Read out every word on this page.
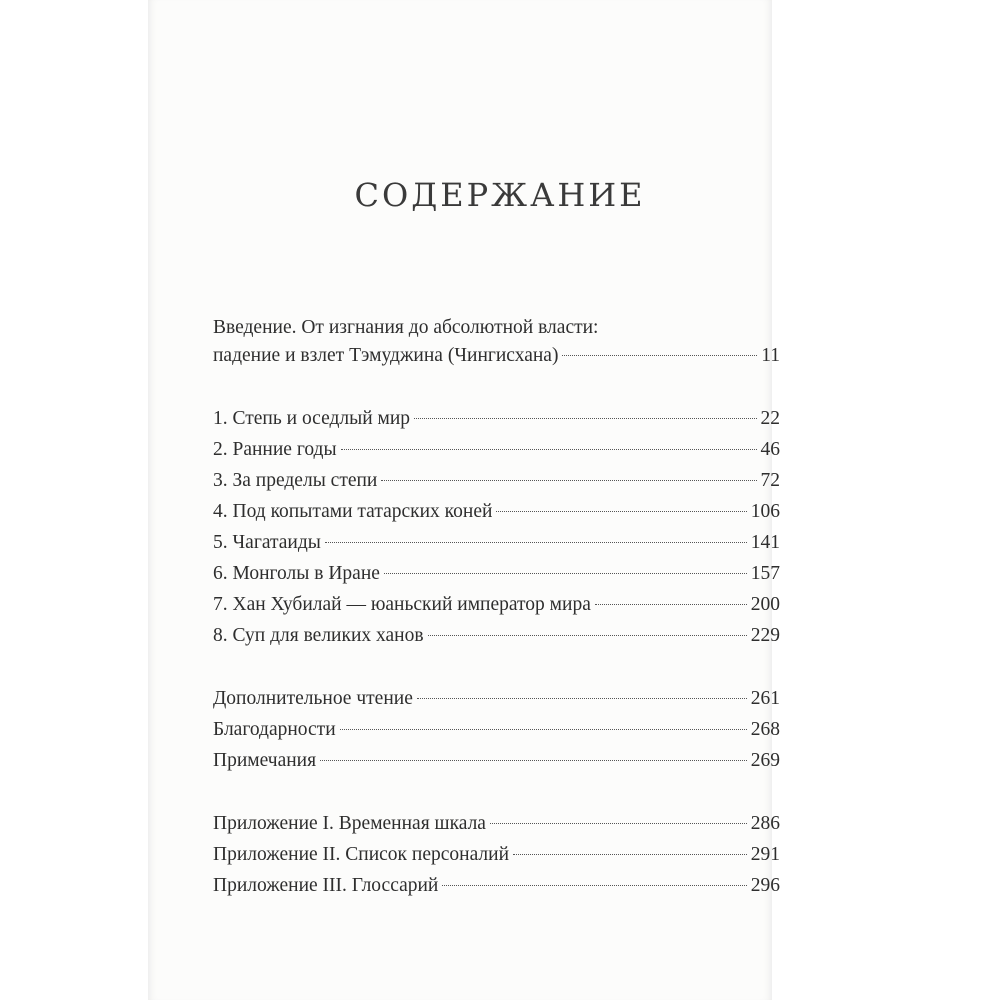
СОДЕРЖАНИЕ
Введение. От изгнания до абсолютной власти:
падение и взлет Тэмуджина (Чингисхана)	11
1. Степь и оседлый мир	22
2. Ранние годы	46
3. За пределы степи	72
4. Под копытами татарских коней	106
5. Чагатаиды	141
6. Монголы в Иране	157
7. Хан Хубилай — юаньский император мира	200
8. Суп для великих ханов	229
Дополнительное чтение	261
Благодарности	268
Примечания	269
Приложение I. Временная шкала	286
Приложение II. Список персоналий	291
Приложение III. Глоссарий	296
